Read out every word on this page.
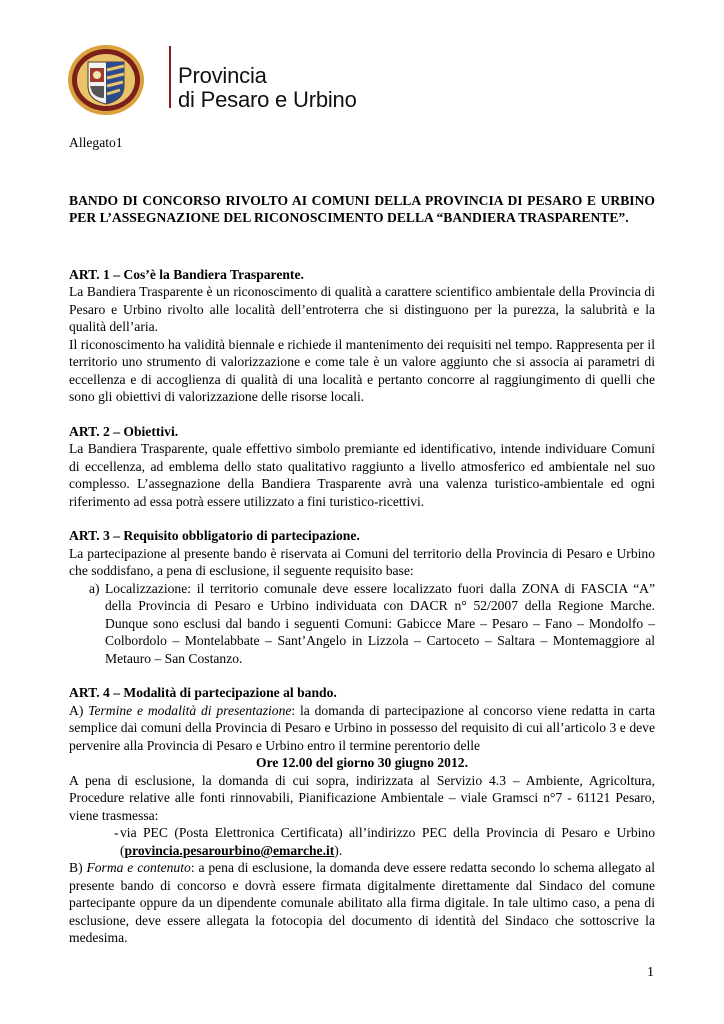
Provincia
di Pesaro e Urbino

Allegato1

BANDO DI CONCORSO RIVOLTO AI COMUNI DELLA PROVINCIA DI PESARO E URBINO PER L’ASSEGNAZIONE DEL RICONOSCIMENTO DELLA “BANDIERA TRASPARENTE”.

ART. 1 – Cos’è la Bandiera Trasparente.

La Bandiera Trasparente è un riconoscimento di qualità a carattere scientifico ambientale della Provincia di Pesaro e Urbino rivolto alle località dell’entroterra che si distinguono per la purezza, la salubrità e la qualità dell’aria.

Il riconoscimento ha validità biennale e richiede il mantenimento dei requisiti nel tempo. Rappresenta per il territorio uno strumento di valorizzazione e come tale è un valore aggiunto che si associa ai parametri di eccellenza e di accoglienza di qualità di una località e pertanto concorre al raggiungimento di quelli che sono gli obiettivi di valorizzazione delle risorse locali.

ART. 2 – Obiettivi.

La Bandiera Trasparente, quale effettivo simbolo premiante ed identificativo, intende individuare Comuni di eccellenza, ad emblema dello stato qualitativo raggiunto a livello atmosferico ed ambientale nel suo complesso. L’assegnazione della Bandiera Trasparente avrà una valenza turistico-ambientale ed ogni riferimento ad essa potrà essere utilizzato a fini turistico-ricettivi.

ART. 3 – Requisito obbligatorio di partecipazione.

La partecipazione al presente bando è riservata ai Comuni del territorio della Provincia di Pesaro e Urbino che soddisfano, a pena di esclusione, il seguente requisito base:

a) Localizzazione: il territorio comunale deve essere localizzato fuori dalla ZONA di FASCIA “A” della Provincia di Pesaro e Urbino individuata con DACR n° 52/2007 della Regione Marche. Dunque sono esclusi dal bando i seguenti Comuni: Gabicce Mare – Pesaro – Fano – Mondolfo – Colbordolo – Montelabbate – Sant’Angelo in Lizzola – Cartoceto – Saltara – Montemaggiore al Metauro – San Costanzo.

ART. 4 – Modalità di partecipazione al bando.

A) Termine e modalità di presentazione: la domanda di partecipazione al concorso viene redatta in carta semplice dai comuni della Provincia di Pesaro e Urbino in possesso del requisito di cui all’articolo 3 e deve pervenire alla Provincia di Pesaro e Urbino entro il termine perentorio delle

Ore 12.00 del giorno 30 giugno 2012.

A pena di esclusione, la domanda di cui sopra, indirizzata al Servizio 4.3 – Ambiente, Agricoltura, Procedure relative alle fonti rinnovabili, Pianificazione Ambientale – viale Gramsci n°7 - 61121 Pesaro, viene trasmessa:

- via PEC (Posta Elettronica Certificata) all’indirizzo PEC della Provincia di Pesaro e Urbino (provincia.pesarourbino@emarche.it).

B) Forma e contenuto: a pena di esclusione, la domanda deve essere redatta secondo lo schema allegato al presente bando di concorso e dovrà essere firmata digitalmente direttamente dal Sindaco del comune partecipante oppure da un dipendente comunale abilitato alla firma digitale. In tale ultimo caso, a pena di esclusione, deve essere allegata la fotocopia del documento di identità del Sindaco che sottoscrive la medesima.

1
